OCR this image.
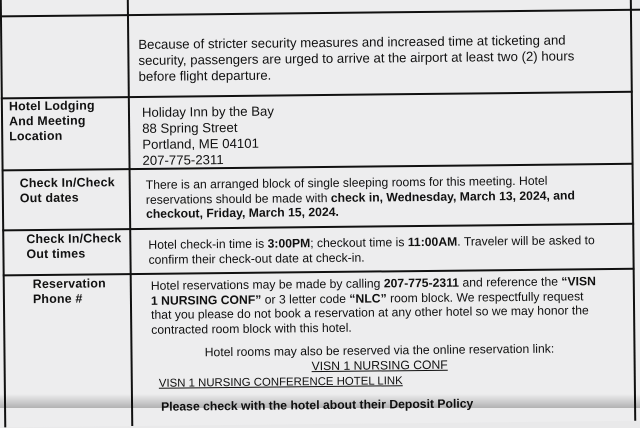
Because of stricter security measures and increased time at ticketing and security, passengers are urged to arrive at the airport at least two (2) hours before flight departure.
Hotel Lodging
And Meeting
Location
Holiday Inn by the Bay
88 Spring Street
Portland, ME 04101
207-775-2311
Check In/Check
Out dates
There is an arranged block of single sleeping rooms for this meeting. Hotel reservations should be made with check in, Wednesday, March 13, 2024, and checkout, Friday, March 15, 2024.
Check In/Check
Out times
Hotel check-in time is 3:00PM; checkout time is 11:00AM. Traveler will be asked to confirm their check-out date at check-in.
Reservation
Phone #
Hotel reservations may be made by calling 207-775-2311 and reference the “VISN 1 NURSING CONF” or 3 letter code “NLC” room block. We respectfully request that you please do not book a reservation at any other hotel so we may honor the contracted room block with this hotel.
Hotel rooms may also be reserved via the online reservation link:
VISN 1 NURSING CONF
VISN 1 NURSING CONFERENCE HOTEL LINK
Please check with the hotel about their Deposit Policy
